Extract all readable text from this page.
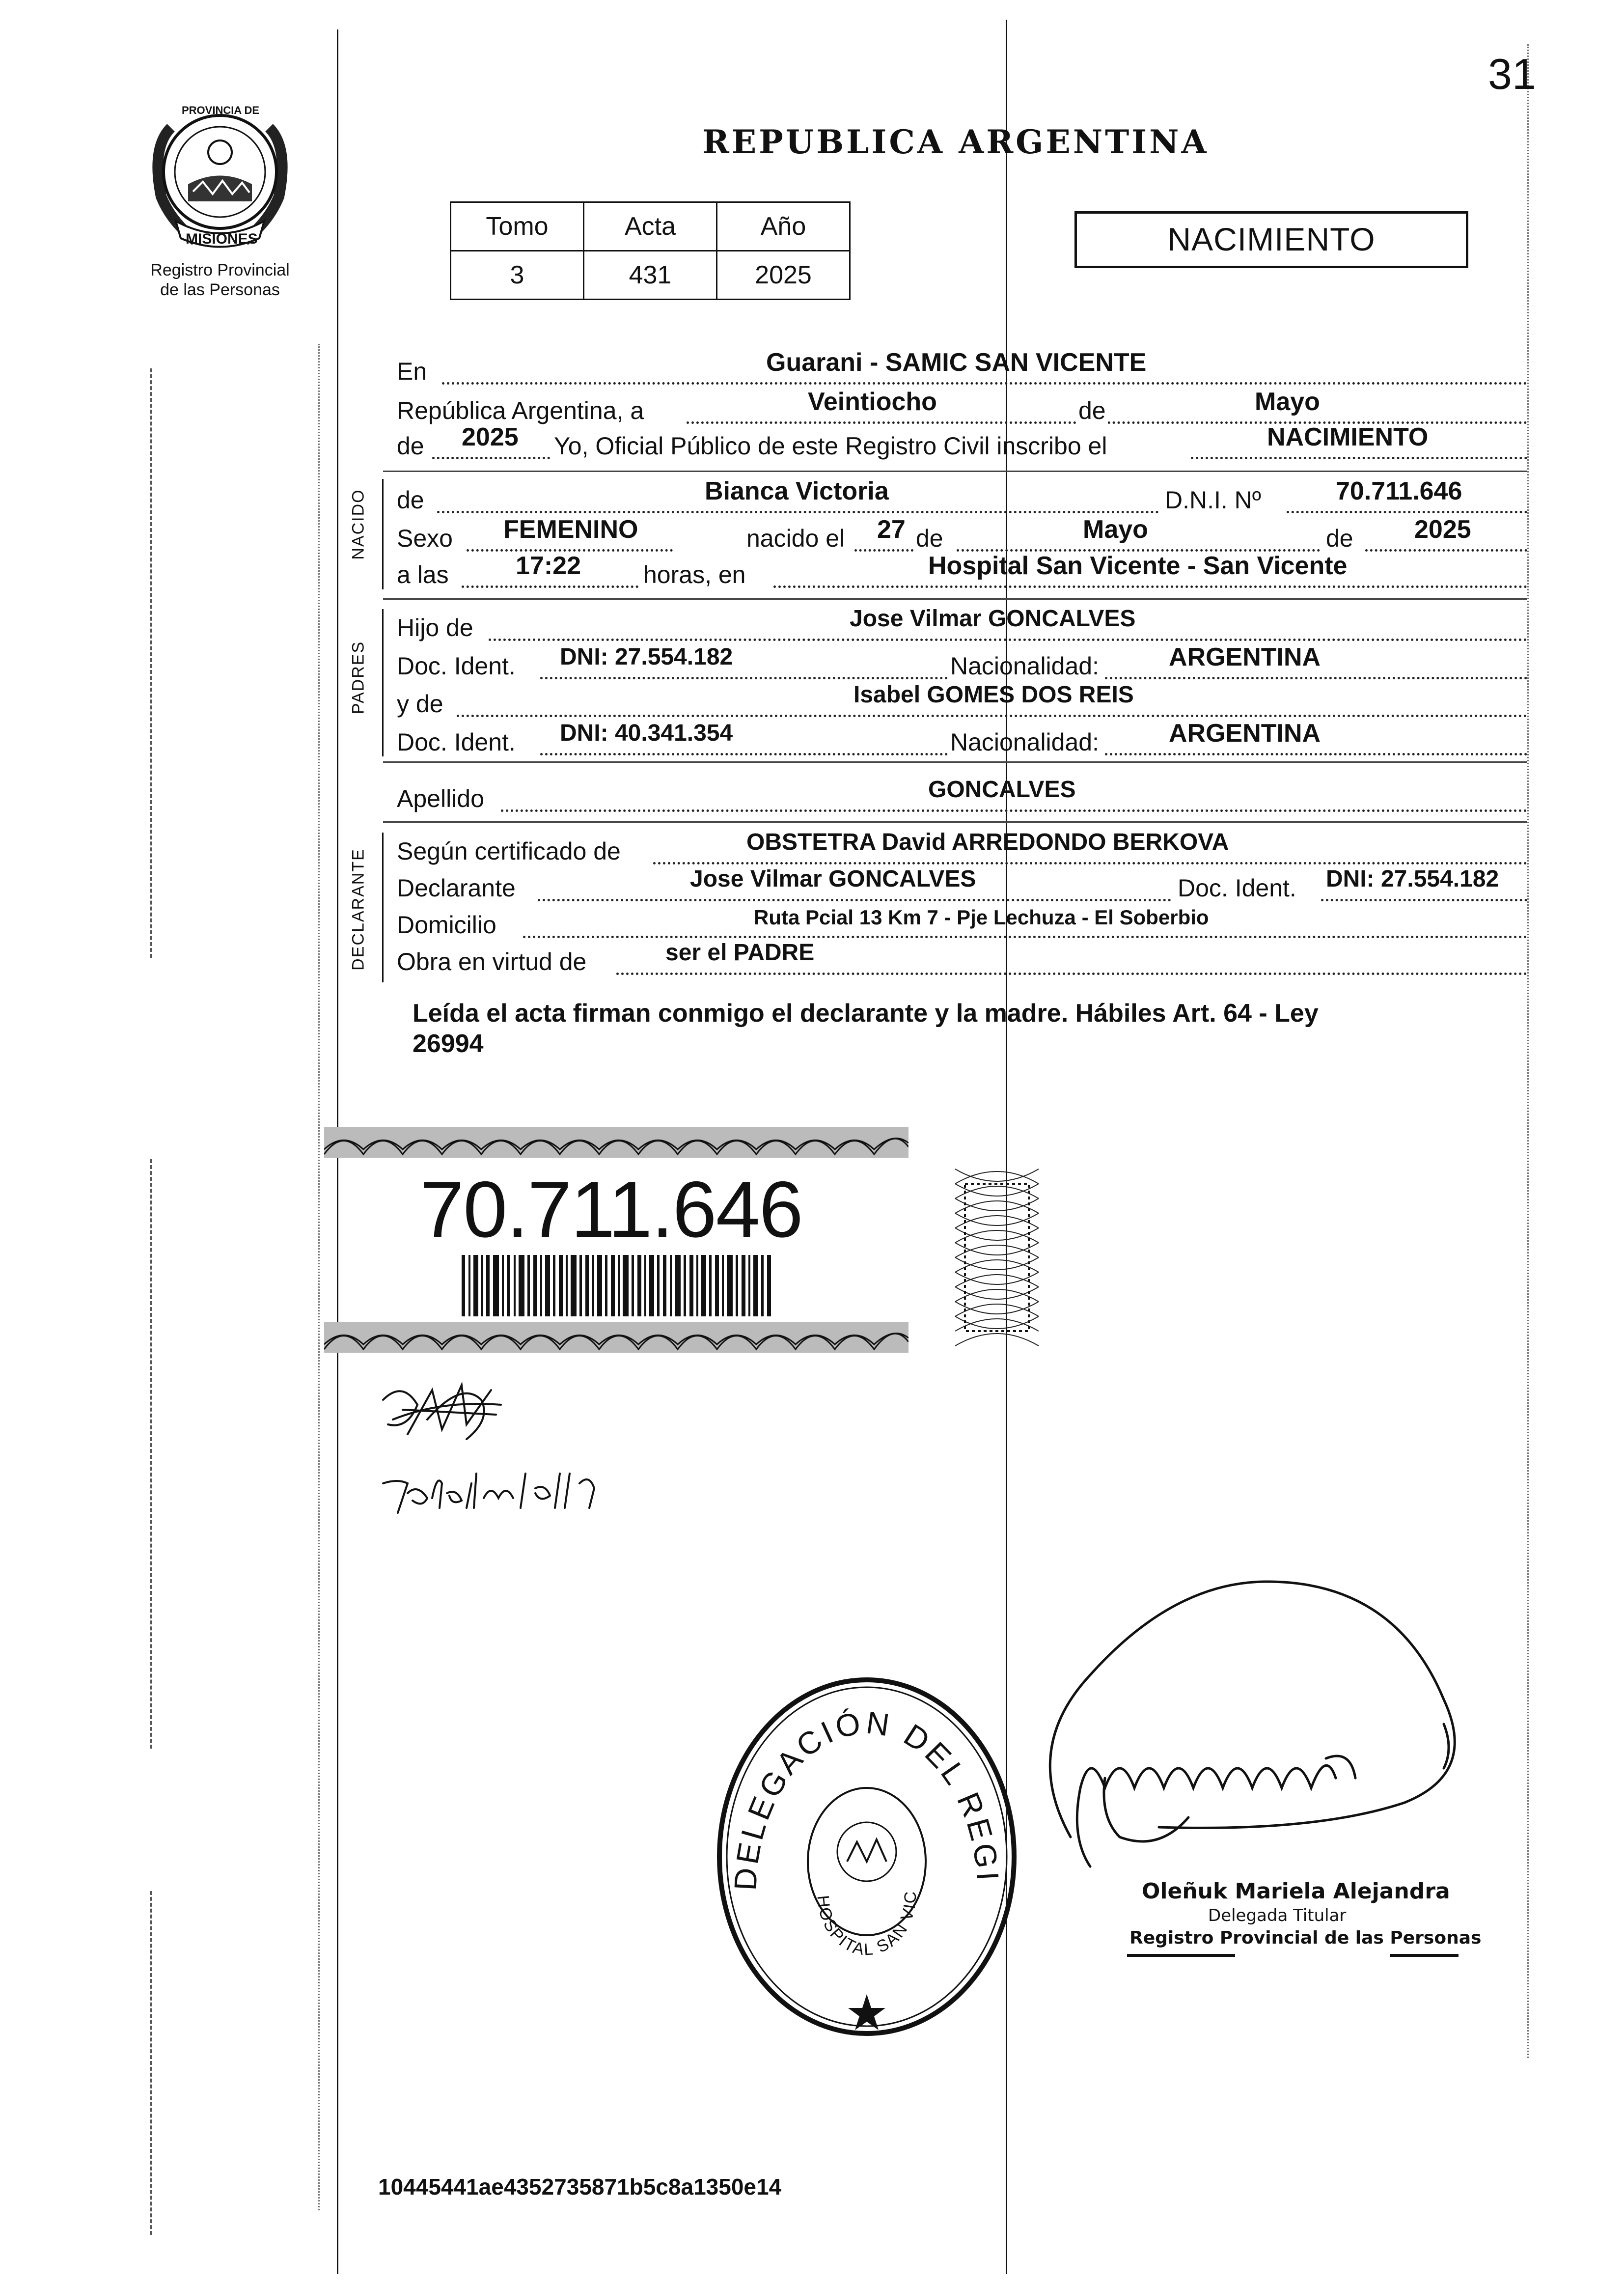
31
PROVINCIA DE
MISIONES
Registro Provincial
de las Personas
REPUBLICA ARGENTINA
Tomo	Acta	Año
3	431	2025
NACIMIENTO
En	Guarani - SAMIC SAN VICENTE
República Argentina, a	Veintiocho	de	Mayo
de 2025 Yo, Oficial Público de este Registro Civil inscribo el	NACIMIENTO
NACIDO de	Bianca Victoria	D.N.I. Nº	70.711.646
Sexo FEMENINO	nacido el 27 de	Mayo	de 2025
a las	17:22	horas, en	Hospital San Vicente - San Vicente
PADRES
Hijo de	Jose Vilmar GONCALVES
Doc. Ident. DNI: 27.554.182	Nacionalidad:	ARGENTINA
y de	Isabel GOMES DOS REIS
Doc. Ident. DNI: 40.341.354	Nacionalidad:	ARGENTINA
Apellido	GONCALVES
DECLARANTE Según certificado de	OBSTETRA David ARREDONDO BERKOVA
Declarante	Jose Vilmar GONCALVES	Doc. Ident. DNI: 27.554.182
Domicilio	Ruta Pcial 13 Km 7 - Pje Lechuza - El Soberbio
Obra en virtud de	ser el PADRE
Leída el acta firman conmigo el declarante y la madre. Hábiles Art. 64 - Ley
26994
70.711.646
DELEGACIÓN DEL REGI
HOSPITAL SAN VIC	Oleñuk Mariela Alejandra
Delegada Titular
Registro Provincial de las Personas
10445441ae4352735871b5c8a1350e14
